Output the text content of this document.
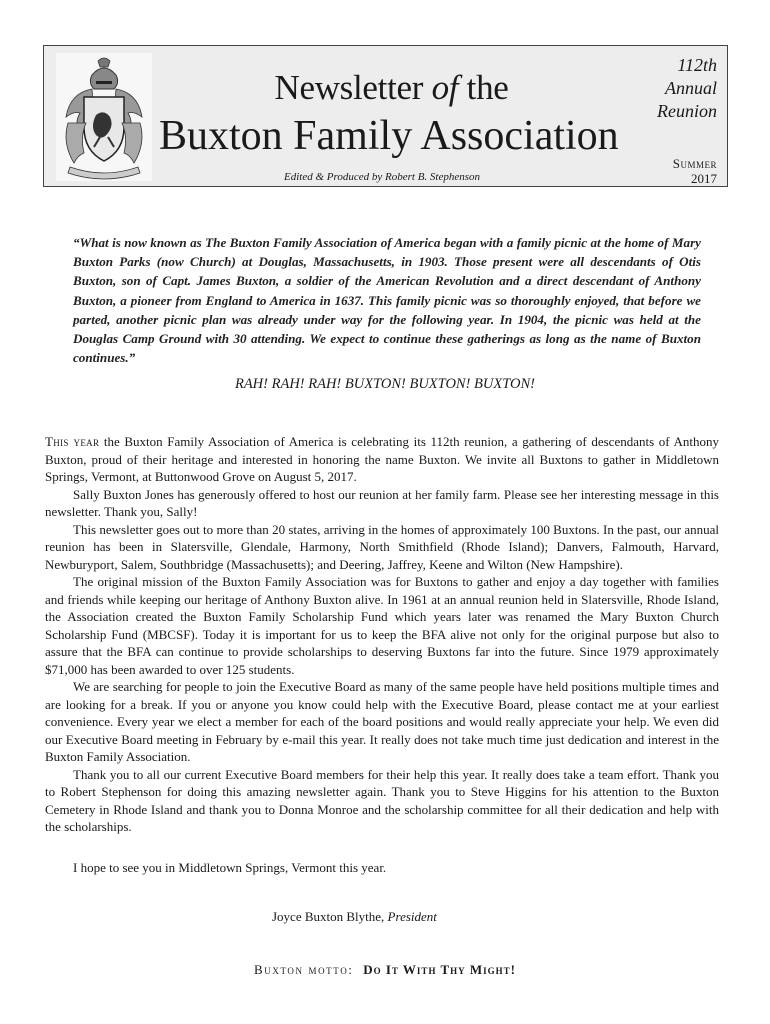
Newsletter of the
Buxton Family Association
Edited & Produced by Robert B. Stephenson
112th
Annual
Reunion
Summer
2017
“What is now known as The Buxton Family Association of America began with a family picnic at the home of Mary Buxton Parks (now Church) at Douglas, Massachusetts, in 1903. Those present were all descendants of Otis Buxton, son of Capt. James Buxton, a soldier of the American Revolution and a direct descendant of Anthony Buxton, a pioneer from England to America in 1637. This family picnic was so thoroughly enjoyed, that before we parted, another picnic plan was already under way for the following year. In 1904, the picnic was held at the Douglas Camp Ground with 30 attending. We expect to continue these gatherings as long as the name of Buxton continues.”
RAH! RAH! RAH! BUXTON! BUXTON! BUXTON!

This year the Buxton Family Association of America is celebrating its 112th reunion, a gathering of descendants of Anthony Buxton, proud of their heritage and interested in honoring the name Buxton. We invite all Buxtons to gather in Middletown Springs, Vermont, at Buttonwood Grove on August 5, 2017.

Sally Buxton Jones has generously offered to host our reunion at her family farm. Please see her interesting message in this newsletter. Thank you, Sally!

This newsletter goes out to more than 20 states, arriving in the homes of approximately 100 Buxtons. In the past, our annual reunion has been in Slatersville, Glendale, Harmony, North Smithfield (Rhode Island); Danvers, Falmouth, Harvard, Newburyport, Salem, Southbridge (Massachusetts); and Deering, Jaffrey, Keene and Wilton (New Hampshire).

The original mission of the Buxton Family Association was for Buxtons to gather and enjoy a day together with families and friends while keeping our heritage of Anthony Buxton alive. In 1961 at an annual reunion held in Slatersville, Rhode Island, the Association created the Buxton Family Scholarship Fund which years later was renamed the Mary Buxton Church Scholarship Fund (MBCSF). Today it is important for us to keep the BFA alive not only for the original purpose but also to assure that the BFA can continue to provide scholarships to deserving Buxtons far into the future. Since 1979 approximately $71,000 has been awarded to over 125 students.

We are searching for people to join the Executive Board as many of the same people have held positions multiple times and are looking for a break. If you or anyone you know could help with the Executive Board, please contact me at your earliest convenience. Every year we elect a member for each of the board positions and would really appreciate your help. We even did our Executive Board meeting in February by e-mail this year. It really does not take much time just dedication and interest in the Buxton Family Association.

Thank you to all our current Executive Board members for their help this year. It really does take a team effort. Thank you to Robert Stephenson for doing this amazing newsletter again. Thank you to Steve Higgins for his attention to the Buxton Cemetery in Rhode Island and thank you to Donna Monroe and the scholarship committee for all their dedication and help with the scholarships.

I hope to see you in Middletown Springs, Vermont this year.
Joyce Buxton Blythe, President
Buxton motto: Do It With Thy Might!
